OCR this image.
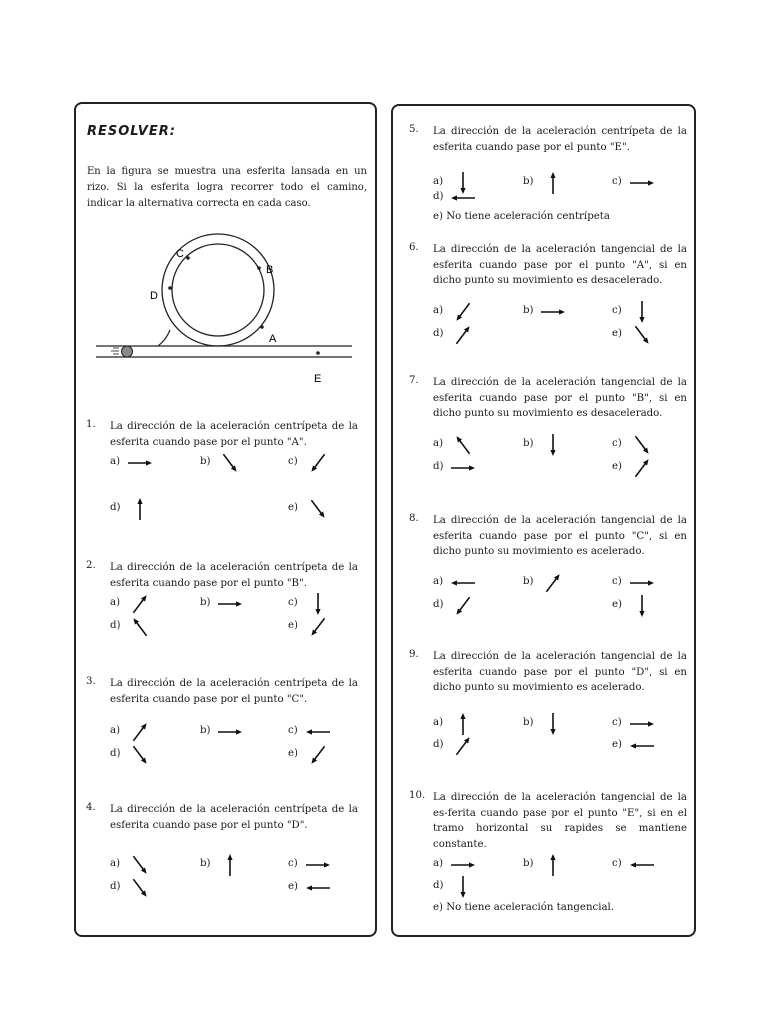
RESOLVER:
En la figura se muestra una esferita lansada en un rizo. Si la esferita logra recorrer todo el camino, indicar la alternativa correcta en cada caso.
A
B
C
D
E
1. La dirección de la aceleración centrípeta de la esferita cuando pase por el punto "A".
a)	b)	c)
d)	e)
2. La dirección de la aceleración centrípeta de la esferita cuando pase por el punto "B".
a)	b)	c)
d)	e)
3. La dirección de la aceleración centrípeta de la esferita cuando pase por el punto "C".
a)	b)	c)
d)	e)
4. La dirección de la aceleración centrípeta de la esferita cuando pase por el punto "D".
a)	b)	c)
d)	e)
5. La dirección de la aceleración centrípeta de la esferita cuando pase por el punto "E".
a)	b)	c)
d)
e) No tiene aceleración centrípeta
6. La dirección de la aceleración tangencial de la esferita cuando pase por el punto "A", si en dicho punto su movimiento es desacelerado.
a)	b)	c)
d)	e)
7. La dirección de la aceleración tangencial de la esferita cuando pase por el punto "B", si en dicho punto su movimiento es desacelerado.
a)	b)	c)
d)	e)
8. La dirección de la aceleración tangencial de la esferita cuando pase por el punto "C", si en dicho punto su movimiento es acelerado.
a)	b)	c)
d)	e)
9. La dirección de la aceleración tangencial de la esferita cuando pase por el punto "D", si en dicho punto su movimiento es acelerado.
a)	b)	c)
d)	e)
10. La dirección de la aceleración tangencial de la es-ferita cuando pase por el punto "E", si en el tramo horizontal su rapides se mantiene constante.
a)	b)	c)
d)
e) No tiene aceleración tangencial.
